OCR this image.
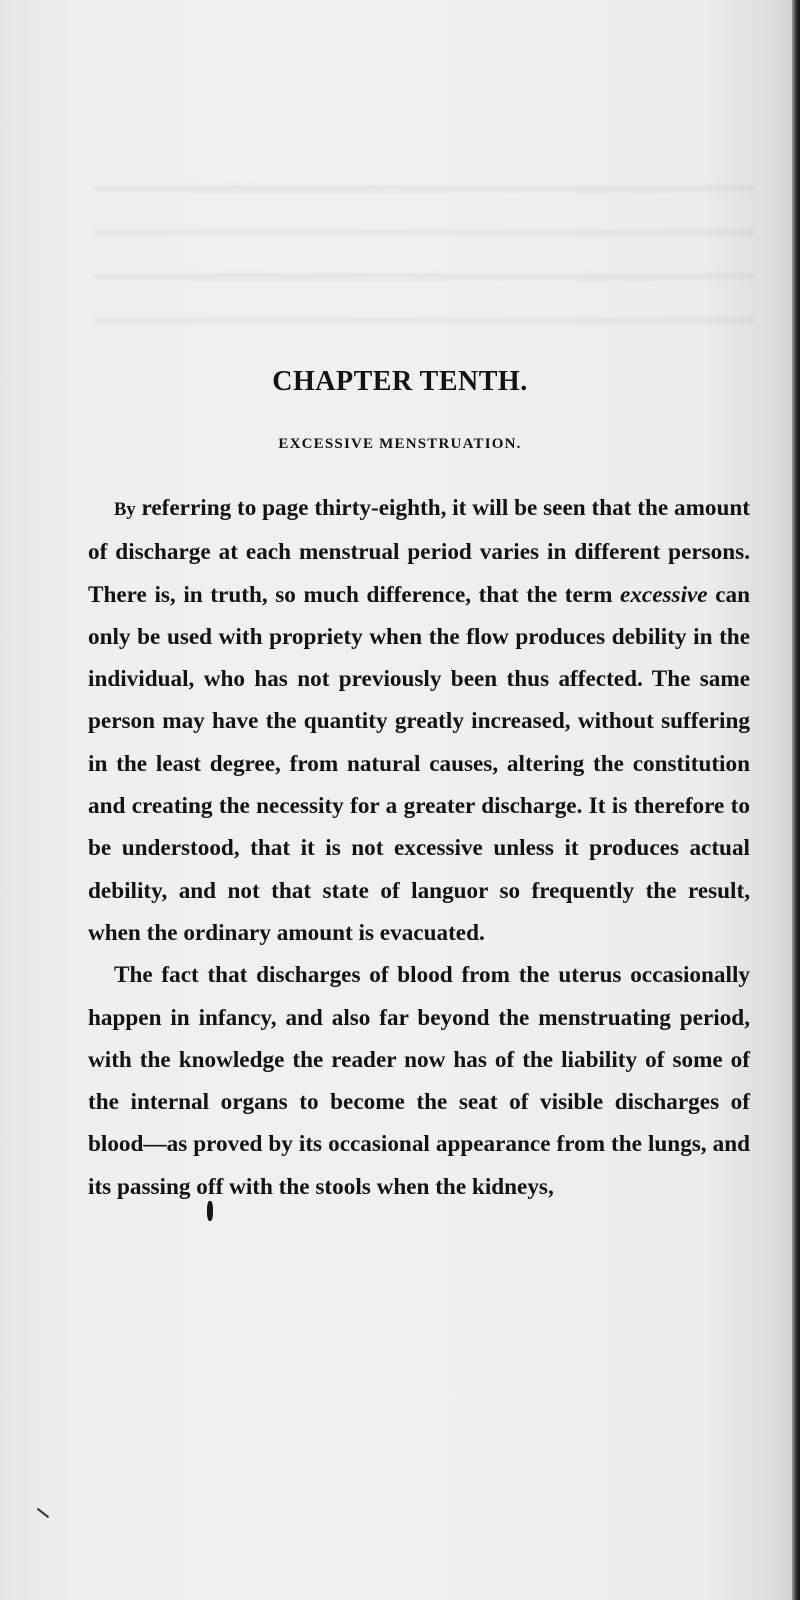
CHAPTER TENTH.
EXCESSIVE MENSTRUATION.

By referring to page thirty-eighth, it will be seen that the amount of discharge at each menstrual period varies in different persons. There is, in truth, so much difference, that the term excessive can only be used with propriety when the flow produces debility in the individual, who has not previously been thus affected. The same person may have the quantity greatly increased, without suffering in the least degree, from natural causes, altering the constitution and creating the necessity for a greater discharge. It is therefore to be understood, that it is not excessive unless it produces actual debility, and not that state of languor so frequently the result, when the ordinary amount is evacuated.

The fact that discharges of blood from the uterus occasionally happen in infancy, and also far beyond the menstruating period, with the knowledge the reader now has of the liability of some of the internal organs to become the seat of visible discharges of blood—as proved by its occasional appearance from the lungs, and its passing off with the stools when the kidneys,
